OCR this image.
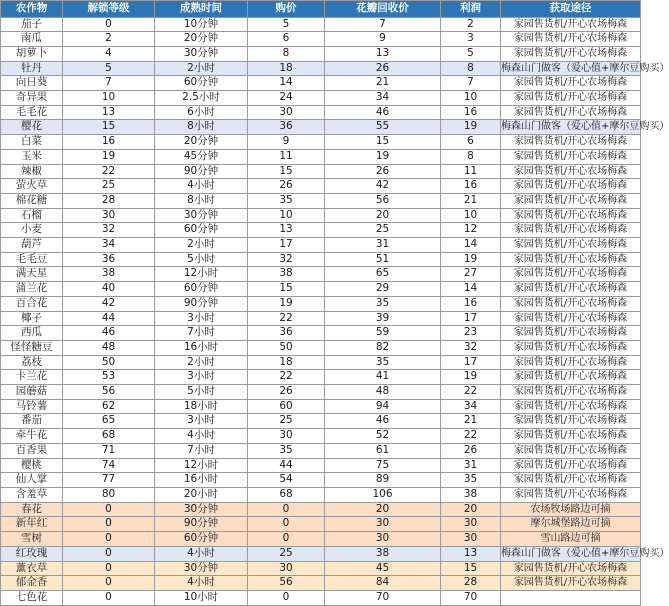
农作物	解锁等级	成熟时间	购价	花瓣回收价	利润	获取途径
茄子	0	10分钟	5	7	2	家园售货机/开心农场梅森
南瓜	2	20分钟	6	9	3	家园售货机/开心农场梅森
胡萝卜	4	30分钟	8	13	5	家园售货机/开心农场梅森
牡丹	5	2小时	18	26	8	梅森山门做客（爱心值+摩尔豆购买）
向日葵	7	60分钟	14	21	7	家园售货机/开心农场梅森
奇异果	10	2.5小时	24	34	10	家园售货机/开心农场梅森
毛毛花	13	6小时	30	46	16	家园售货机/开心农场梅森
樱花	15	8小时	36	55	19	梅森山门做客（爱心值+摩尔豆购买）
白菜	16	20分钟	9	15	6	家园售货机/开心农场梅森
玉米	19	45分钟	11	19	8	家园售货机/开心农场梅森
辣椒	22	90分钟	15	26	11	家园售货机/开心农场梅森
萤火草	25	4小时	26	42	16	家园售货机/开心农场梅森
棉花糖	28	8小时	35	56	21	家园售货机/开心农场梅森
石榴	30	30分钟	10	20	10	家园售货机/开心农场梅森
小麦	32	60分钟	13	25	12	家园售货机/开心农场梅森
葫芦	34	2小时	17	31	14	家园售货机/开心农场梅森
毛毛豆	36	5小时	32	51	19	家园售货机/开心农场梅森
满天星	38	12小时	38	65	27	家园售货机/开心农场梅森
蒲兰花	40	60分钟	15	29	14	家园售货机/开心农场梅森
百合花	42	90分钟	19	35	16	家园售货机/开心农场梅森
椰子	44	3小时	22	39	17	家园售货机/开心农场梅森
西瓜	46	7小时	36	59	23	家园售货机/开心农场梅森
怪怪糖豆	48	16小时	50	82	32	家园售货机/开心农场梅森
荔枝	50	2小时	18	35	17	家园售货机/开心农场梅森
卡兰花	53	3小时	22	41	19	家园售货机/开心农场梅森
园蘑菇	56	5小时	26	48	22	家园售货机/开心农场梅森
马铃薯	62	18小时	60	94	34	家园售货机/开心农场梅森
番茄	65	3小时	25	46	21	家园售货机/开心农场梅森
牵牛花	68	4小时	30	52	22	家园售货机/开心农场梅森
百香果	71	7小时	35	61	26	家园售货机/开心农场梅森
樱桃	74	12小时	44	75	31	家园售货机/开心农场梅森
仙人掌	77	16小时	54	89	35	家园售货机/开心农场梅森
含羞草	80	20小时	68	106	38	家园售货机/开心农场梅森
春花	0	30分钟	0	20	20	农场牧场路边可摘
新年红	0	90分钟	0	30	30	摩尔城堡路边可摘
雪树	0	60分钟	0	30	30	雪山路边可摘
红玫瑰	0	4小时	25	38	13	梅森山门做客（爱心值+摩尔豆购买）
薰衣草	0	30分钟	30	45	15	家园售货机/开心农场梅森
郁金香	0	4小时	56	84	28	家园售货机/开心农场梅森
七色花	0	10小时	0	70	70	
